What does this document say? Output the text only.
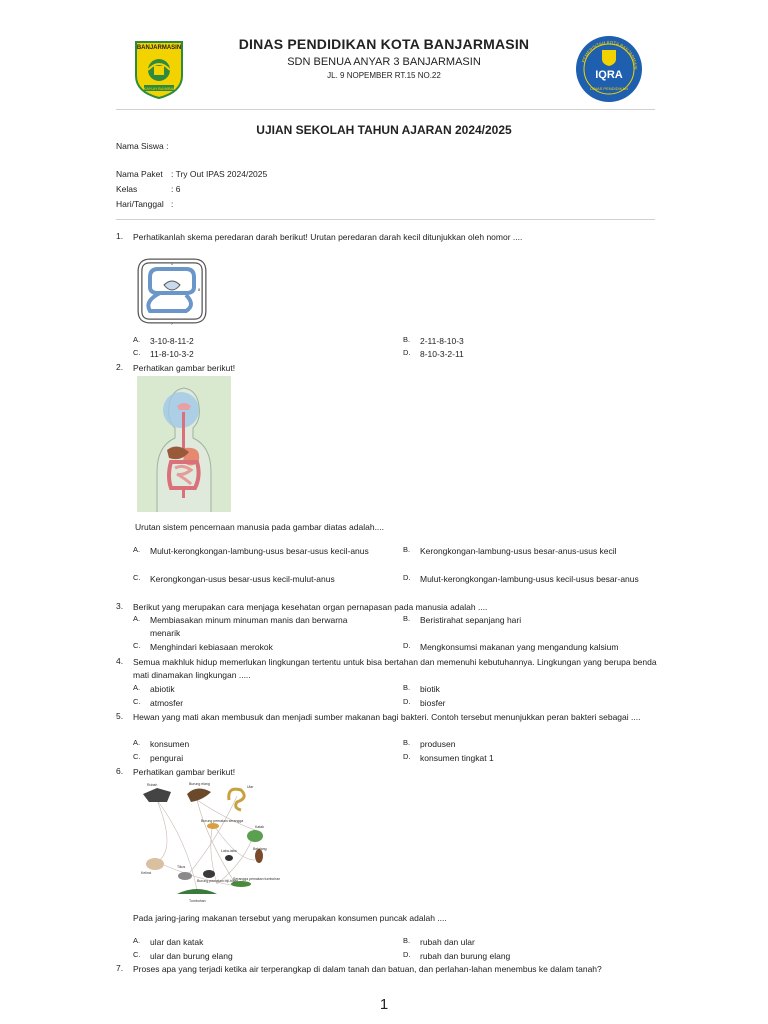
BANJARMASIN
KAYUH BAIMBAI
DINAS PENDIDIKAN KOTA BANJARMASIN
SDN BENUA ANYAR 3 BANJARMASIN
JL. 9 NOPEMBER RT.15 NO.22
PEMERINTAH KOTA BANJARMASI
IQRA
DINAS PENDIDIKAN
UJIAN SEKOLAH TAHUN AJARAN 2024/2025
Nama Siswa :
Nama Paket : Try Out IPAS 2024/2025
Kelas	: 6
Hari/Tanggal :
1. Perhatikanlah skema peredaran darah berikut! Urutan peredaran darah kecil ditunjukkan oleh nomor ....
1
8
7
A. 3-10-8-11-2	B. 2-11-8-10-3
C. 11-8-10-3-2	D. 8-10-3-2-11
2. Perhatikan gambar berikut!
Urutan sistem pencernaan manusia pada gambar diatas adalah....
A. Mulut-kerongkongan-lambung-usus besar-usus kecil-anus	B. Kerongkongan-lambung-usus besar-anus-usus kecil
C. Kerongkongan-usus besar-usus kecil-mulut-anus	D. Mulut-kerongkongan-lambung-usus kecil-usus besar-anus
3. Berikut yang merupakan cara menjaga kesehatan organ pernapasan pada manusia adalah ....
A. Membiasakan minum minuman manis dan berwarna menarik
B. Beristirahat sepanjang hari
C. Menghindari kebiasaan merokok	D. Mengkonsumsi makanan yang mengandung kalsium
4. Semua makhluk hidup memerlukan lingkungan tertentu untuk bisa bertahan dan memenuhi kebutuhannya. Lingkungan yang berupa benda mati dinamakan lingkungan .....
A. abiotik	B. biotik
C. atmosfer	D. biosfer
5. Hewan yang mati akan membusuk dan menjadi sumber makanan bagi bakteri. Contoh tersebut menunjukkan peran bakteri sebagai ....
A. konsumen	B. produsen
C. pengurai	D. konsumen tingkat 1
6. Perhatikan gambar berikut!
Rubah	Burung elang
Ular
Burung pemakan serangga
Katak
Laba-laba	Belalang
Tikus
Kelinci
Burung pemakan biji-bijian
Serangga pemakan tumbuhan
Tumbuhan
Pada jaring-jaring makanan tersebut yang merupakan konsumen puncak adalah ....
A. ular dan katak	B. rubah dan ular
C. ular dan burung elang	D. rubah dan burung elang
7. Proses apa yang terjadi ketika air terperangkap di dalam tanah dan batuan, dan perlahan-lahan menembus ke dalam tanah?
1
